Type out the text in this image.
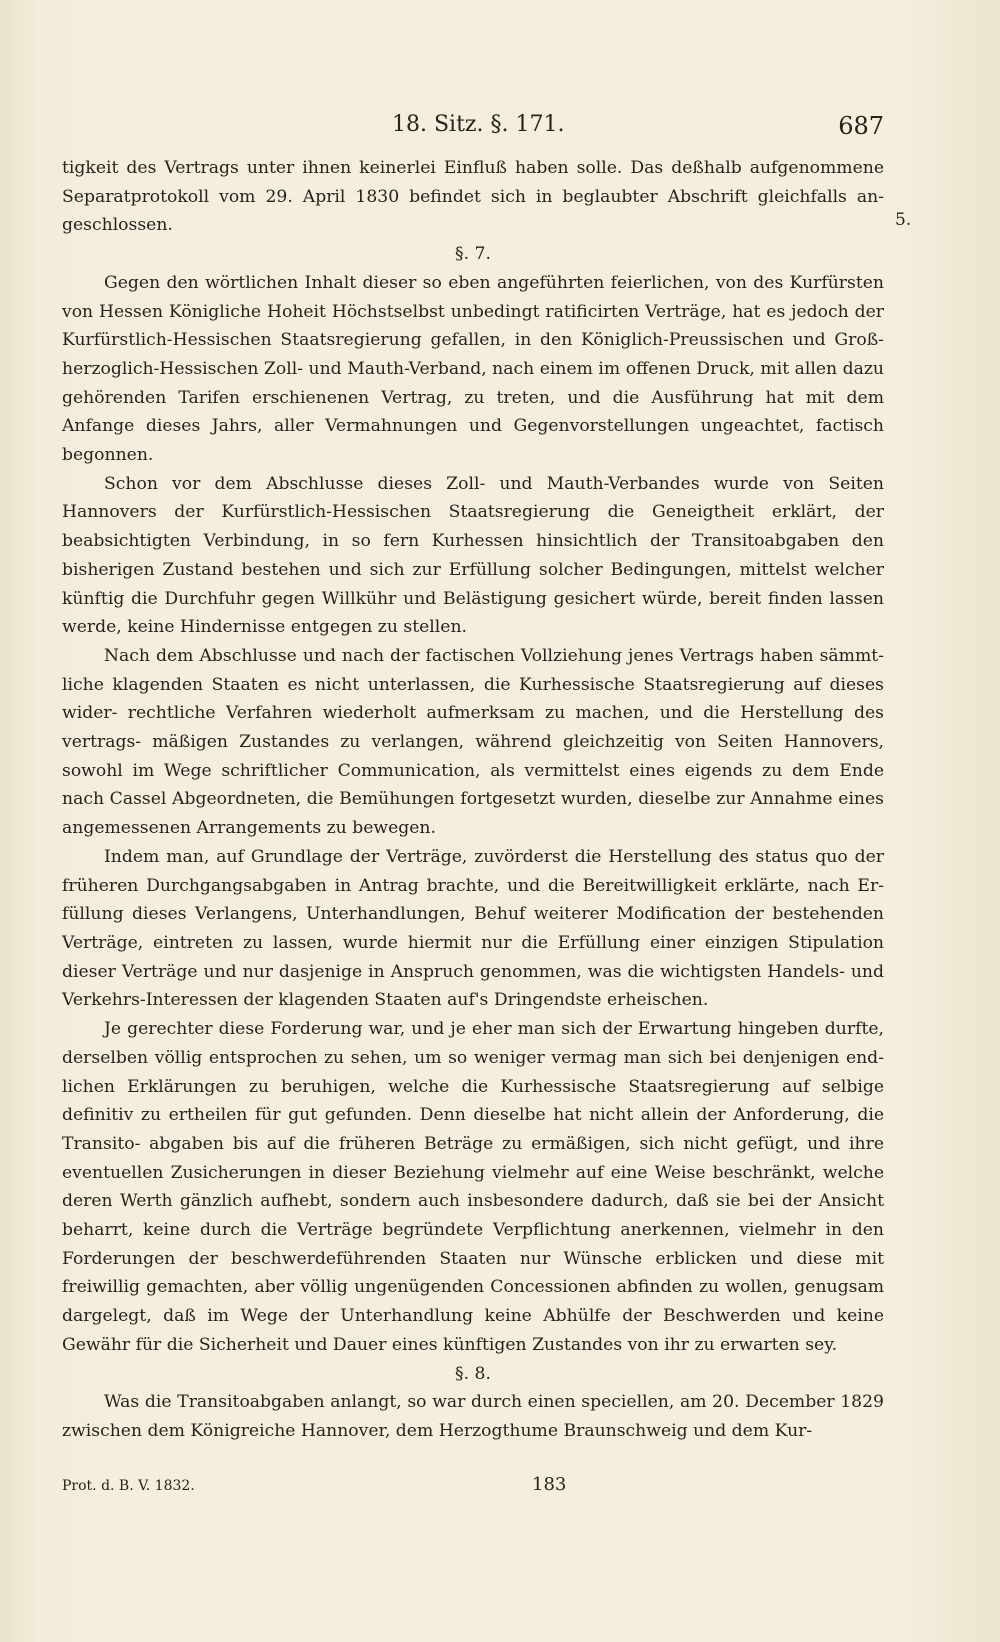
18. Sitz. §. 171.	687
5.

tigkeit des Vertrags unter ihnen keinerlei Einfluß haben solle. Das deßhalb aufgenommene Separatprotokoll vom 29. April 1830 befindet sich in beglaubter Abschrift gleichfalls an- geschlossen.

§. 7.

Gegen den wörtlichen Inhalt dieser so eben angeführten feierlichen, von des Kurfürsten von Hessen Königliche Hoheit Höchstselbst unbedingt ratificirten Verträge, hat es jedoch der Kurfürstlich-Hessischen Staatsregierung gefallen, in den Königlich-Preussischen und Groß- herzoglich-Hessischen Zoll- und Mauth-Verband, nach einem im offenen Druck, mit allen dazu gehörenden Tarifen erschienenen Vertrag, zu treten, und die Ausführung hat mit dem Anfange dieses Jahrs, aller Vermahnungen und Gegenvorstellungen ungeachtet, factisch begonnen.

Schon vor dem Abschlusse dieses Zoll- und Mauth-Verbandes wurde von Seiten Hannovers der Kurfürstlich-Hessischen Staatsregierung die Geneigtheit erklärt, der beabsichtigten Verbindung, in so fern Kurhessen hinsichtlich der Transitoabgaben den bisherigen Zustand bestehen und sich zur Erfüllung solcher Bedingungen, mittelst welcher künftig die Durchfuhr gegen Willkühr und Belästigung gesichert würde, bereit finden lassen werde, keine Hindernisse entgegen zu stellen.

Nach dem Abschlusse und nach der factischen Vollziehung jenes Vertrags haben sämmt- liche klagenden Staaten es nicht unterlassen, die Kurhessische Staatsregierung auf dieses wider- rechtliche Verfahren wiederholt aufmerksam zu machen, und die Herstellung des vertrags- mäßigen Zustandes zu verlangen, während gleichzeitig von Seiten Hannovers, sowohl im Wege schriftlicher Communication, als vermittelst eines eigends zu dem Ende nach Cassel Abgeordneten, die Bemühungen fortgesetzt wurden, dieselbe zur Annahme eines angemessenen Arrangements zu bewegen.

Indem man, auf Grundlage der Verträge, zuvörderst die Herstellung des status quo der früheren Durchgangsabgaben in Antrag brachte, und die Bereitwilligkeit erklärte, nach Er- füllung dieses Verlangens, Unterhandlungen, Behuf weiterer Modification der bestehenden Verträge, eintreten zu lassen, wurde hiermit nur die Erfüllung einer einzigen Stipulation dieser Verträge und nur dasjenige in Anspruch genommen, was die wichtigsten Handels- und Verkehrs-Interessen der klagenden Staaten auf's Dringendste erheischen.

Je gerechter diese Forderung war, und je eher man sich der Erwartung hingeben durfte, derselben völlig entsprochen zu sehen, um so weniger vermag man sich bei denjenigen end- lichen Erklärungen zu beruhigen, welche die Kurhessische Staatsregierung auf selbige definitiv zu ertheilen für gut gefunden. Denn dieselbe hat nicht allein der Anforderung, die Transito- abgaben bis auf die früheren Beträge zu ermäßigen, sich nicht gefügt, und ihre eventuellen Zusicherungen in dieser Beziehung vielmehr auf eine Weise beschränkt, welche deren Werth gänzlich aufhebt, sondern auch insbesondere dadurch, daß sie bei der Ansicht beharrt, keine durch die Verträge begründete Verpflichtung anerkennen, vielmehr in den Forderungen der beschwerdeführenden Staaten nur Wünsche erblicken und diese mit freiwillig gemachten, aber völlig ungenügenden Concessionen abfinden zu wollen, genugsam dargelegt, daß im Wege der Unterhandlung keine Abhülfe der Beschwerden und keine Gewähr für die Sicherheit und Dauer eines künftigen Zustandes von ihr zu erwarten sey.

§. 8.

Was die Transitoabgaben anlangt, so war durch einen speciellen, am 20. December 1829 zwischen dem Königreiche Hannover, dem Herzogthume Braunschweig und dem Kur-

Prot. d. B. V. 1832.	183
